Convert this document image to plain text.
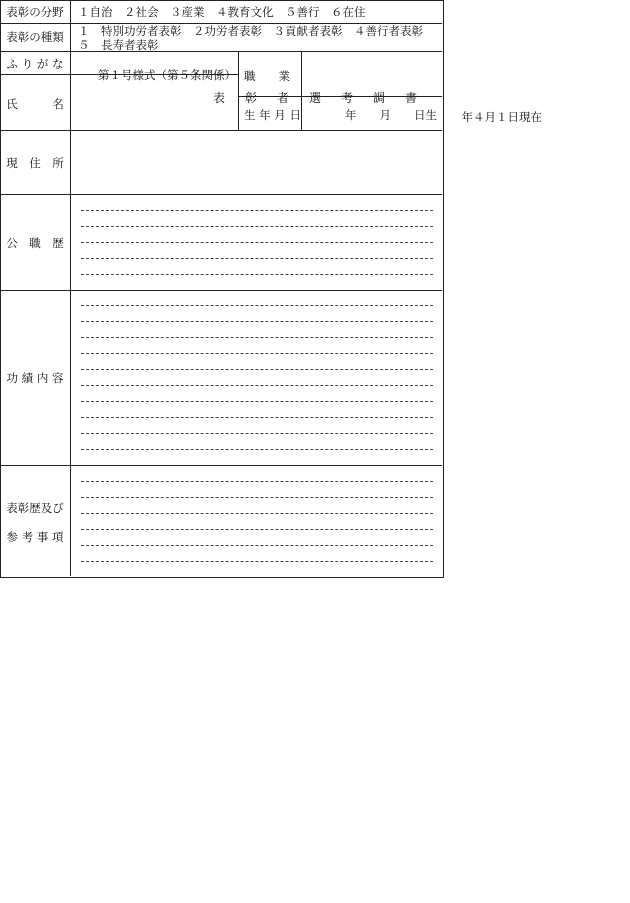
第１号様式（第５条関係）
表 彰 者 選 考 調 書
年４月１日現在
表彰の分野	１自治　２社会　３産業　４教育文化　５善行　６在住
表彰の種類	１　特別功労者表彰　２功労者表彰　３貢献者表彰　４善行者表彰
５　長寿者表彰
ふ り が な
氏　　　名
職　　業
生 年 月 日	年　　月　　日生
現　住　所
公　職　歴
功 績 内 容
表彰歴及び
参 考 事 項
